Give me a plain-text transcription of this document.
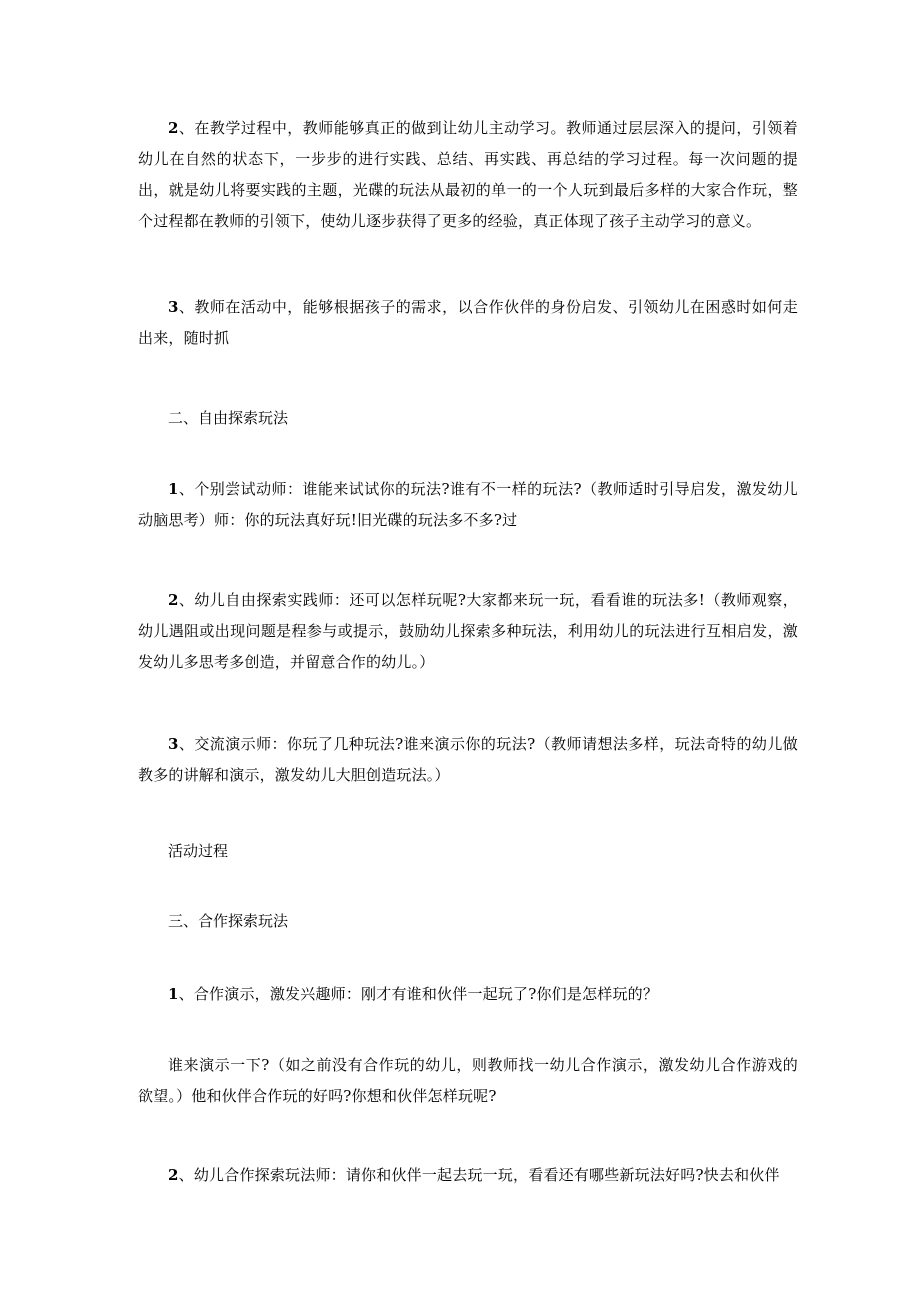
2、在教学过程中，教师能够真正的做到让幼儿主动学习。教师通过层层深入的提问，引领着幼儿在自然的状态下，一步步的进行实践、总结、再实践、再总结的学习过程。每一次问题的提出，就是幼儿将要实践的主题，光碟的玩法从最初的单一的一个人玩到最后多样的大家合作玩，整个过程都在教师的引领下，使幼儿逐步获得了更多的经验，真正体现了孩子主动学习的意义。

3、教师在活动中，能够根据孩子的需求，以合作伙伴的身份启发、引领幼儿在困惑时如何走出来，随时抓

二、自由探索玩法

1、个别尝试动师：谁能来试试你的玩法?谁有不一样的玩法?（教师适时引导启发，激发幼儿动脑思考）师：你的玩法真好玩!旧光碟的玩法多不多?过

2、幼儿自由探索实践师：还可以怎样玩呢?大家都来玩一玩，看看谁的玩法多!（教师观察，幼儿遇阻或出现问题是程参与或提示，鼓励幼儿探索多种玩法，利用幼儿的玩法进行互相启发，激发幼儿多思考多创造，并留意合作的幼儿。）

3、交流演示师：你玩了几种玩法?谁来演示你的玩法?（教师请想法多样，玩法奇特的幼儿做教多的讲解和演示，激发幼儿大胆创造玩法。）

活动过程

三、合作探索玩法

1、合作演示，激发兴趣师：刚才有谁和伙伴一起玩了?你们是怎样玩的？

谁来演示一下?（如之前没有合作玩的幼儿，则教师找一幼儿合作演示，激发幼儿合作游戏的欲望。）他和伙伴合作玩的好吗?你想和伙伴怎样玩呢?

2、幼儿合作探索玩法师：请你和伙伴一起去玩一玩，看看还有哪些新玩法好吗?快去和伙伴
